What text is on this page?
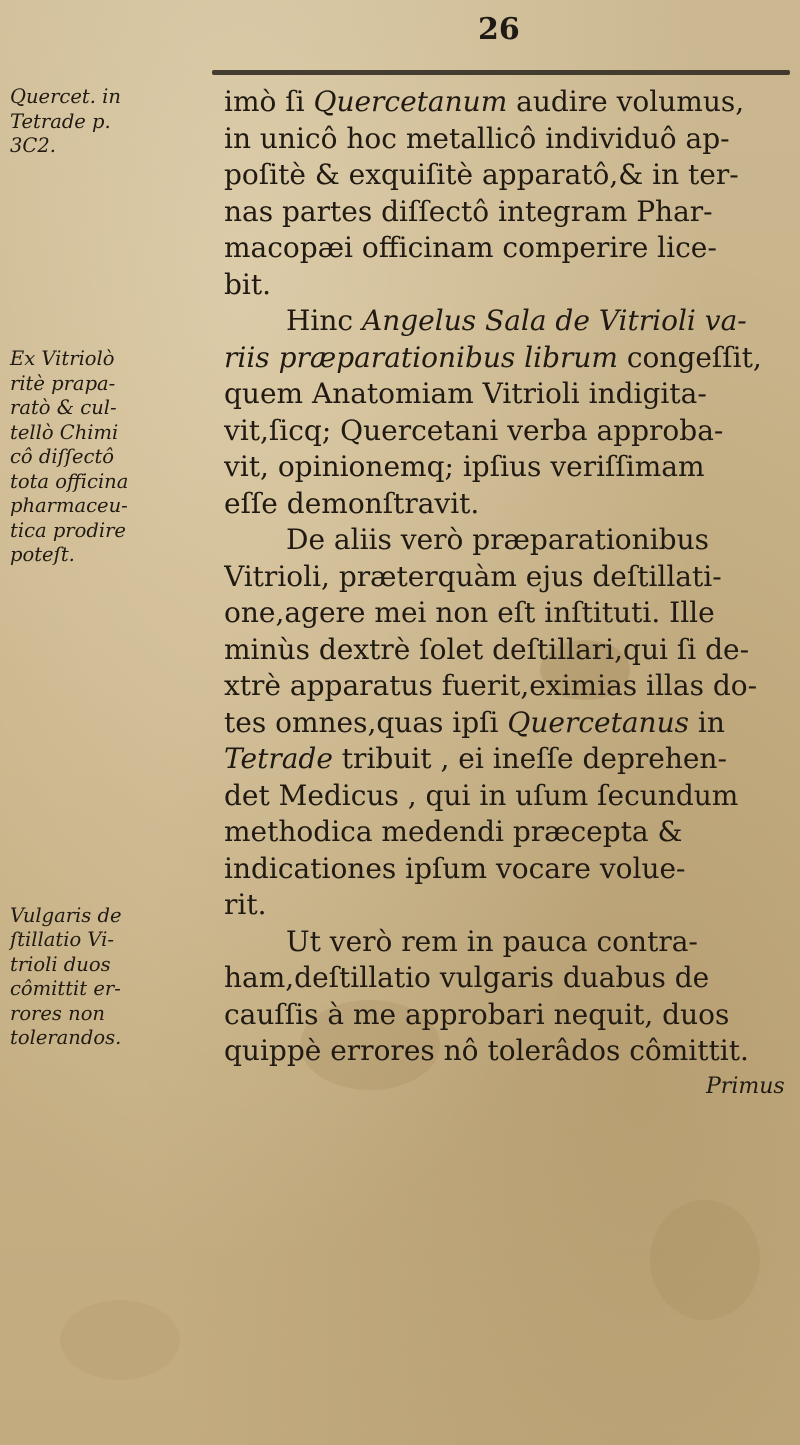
26
imò ſi Quercetanum audire volumus,
in unicô hoc metallicô individuô ap-
poſitè & exquiſitè apparatô,& in ter-
nas partes diſſectô integram Phar-
macopæi officinam comperire lice-
bit.
Hinc Angelus Sala de Vitrioli va-
riis præparationibus librum congeſſit,
quem Anatomiam Vitrioli indigita-
vit,ſicq; Quercetani verba approba-
vit, opinionemq; ipſius veriſſimam
eſſe demonſtravit.
De aliis verò præparationibus
Vitrioli, præterquàm ejus deſtillati-
one,agere mei non eſt inſtituti. Ille
minùs dextrè ſolet deſtillari,qui ſi de-
xtrè apparatus fuerit,eximias illas do-
tes omnes,quas ipſi Quercetanus in
Tetrade tribuit , ei ineſſe deprehen-
det Medicus , qui in uſum ſecundum
methodica medendi præcepta &
indicationes ipſum vocare volue-
rit.
Ut verò rem in pauca contra-
ham,deſtillatio vulgaris duabus de
cauſſis à me approbari nequit, duos
quippè errores nô tolerâdos cômittit.
Quercet. in
Tetrade p.
3C2.
Ex Vitriolò
ritè prapa-
ratò & cul-
tellò Chimi
cô diſſectô
tota officina
pharmaceu-
tica prodire
poteſt.
Vulgaris de
ſtillatio Vi-
trioli duos
cômittit er-
rores non
tolerandos.
Primus
